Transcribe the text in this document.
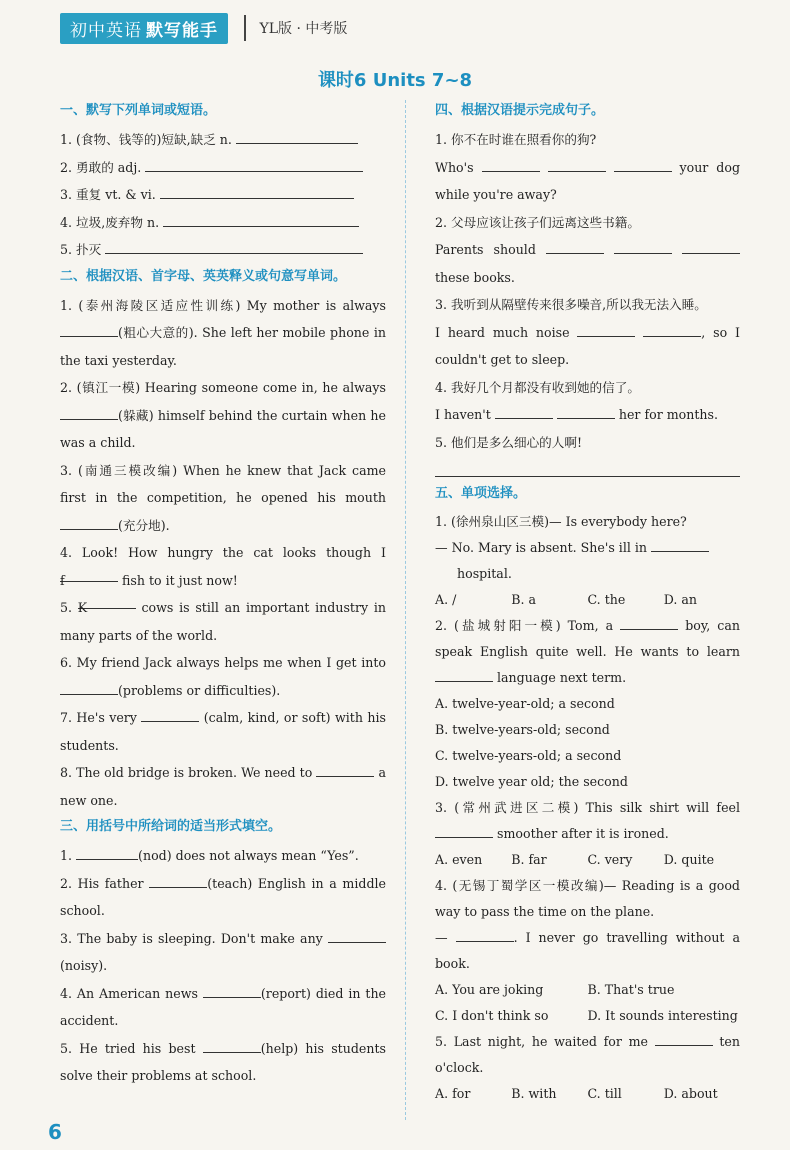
初中英语 默写能手	YL版 · 中考版
课时6 Units 7~8
一、默写下列单词或短语。

1. (食物、钱等的)短缺,缺乏 n.

2. 勇敢的 adj.

3. 重复 vt. & vi.

4. 垃圾,废弃物 n.

5. 扑灭

二、根据汉语、首字母、英英释义或句意写单词。

1. (泰州海陵区适应性训练) My mother is always (粗心大意的). She left her mobile phone in the taxi yesterday.

2. (镇江一模) Hearing someone come in, he always (躲藏) himself behind the curtain when he was a child.

3. (南通三模改编) When he knew that Jack came first in the competition, he opened his mouth (充分地).

4. Look! How hungry the cat looks though I f	fish to it just now!

5. K	cows is still an important industry in many parts of the world.

6. My friend Jack always helps me when I get into (problems or difficulties).

7. He's very	(calm, kind, or soft) with his students.

8. The old bridge is broken. We need to	a new one.

三、用括号中所给词的适当形式填空。

1.	(nod) does not always mean “Yes”.

2. His father	(teach) English in a middle school.

3. The baby is sleeping. Don't make any (noisy).

4. An American news	(report) died in the accident.

5. He tried his best	(help) his students solve their problems at school.

四、根据汉语提示完成句子。

1. 你不在时谁在照看你的狗?

Who's	your dog while you're away?

2. 父母应该让孩子们远离这些书籍。

Parents should    these books.

3. 我听到从隔壁传来很多噪音,所以我无法入睡。

I heard much noise	, so I couldn't get to sleep.

4. 我好几个月都没有收到她的信了。

I haven't	her for months.

5. 他们是多么细心的人啊!

五、单项选择。

1. (徐州泉山区三模)— Is everybody here?

— No. Mary is absent. She's ill in
hospital.

A. /	B. a	C. the	D. an

2. (盐城射阳一模) Tom, a	boy, can speak English quite well. He wants to learn  language next term.

A. twelve-year-old; a second
B. twelve-years-old; second
C. twelve-years-old; a second
D. twelve year old; the second

3. (常州武进区二模) This silk shirt will feel  smoother after it is ironed.

A. even	B. far	C. very	D. quite

4. (无锡丁蜀学区一模改编)— Reading is a good way to pass the time on the plane.
—	. I never go travelling without a book.

A. You are joking	B. That's true
C. I don't think so	D. It sounds interesting

5. Last night, he waited for me	ten o'clock.

A. for	B. with	C. till	D. about
6
